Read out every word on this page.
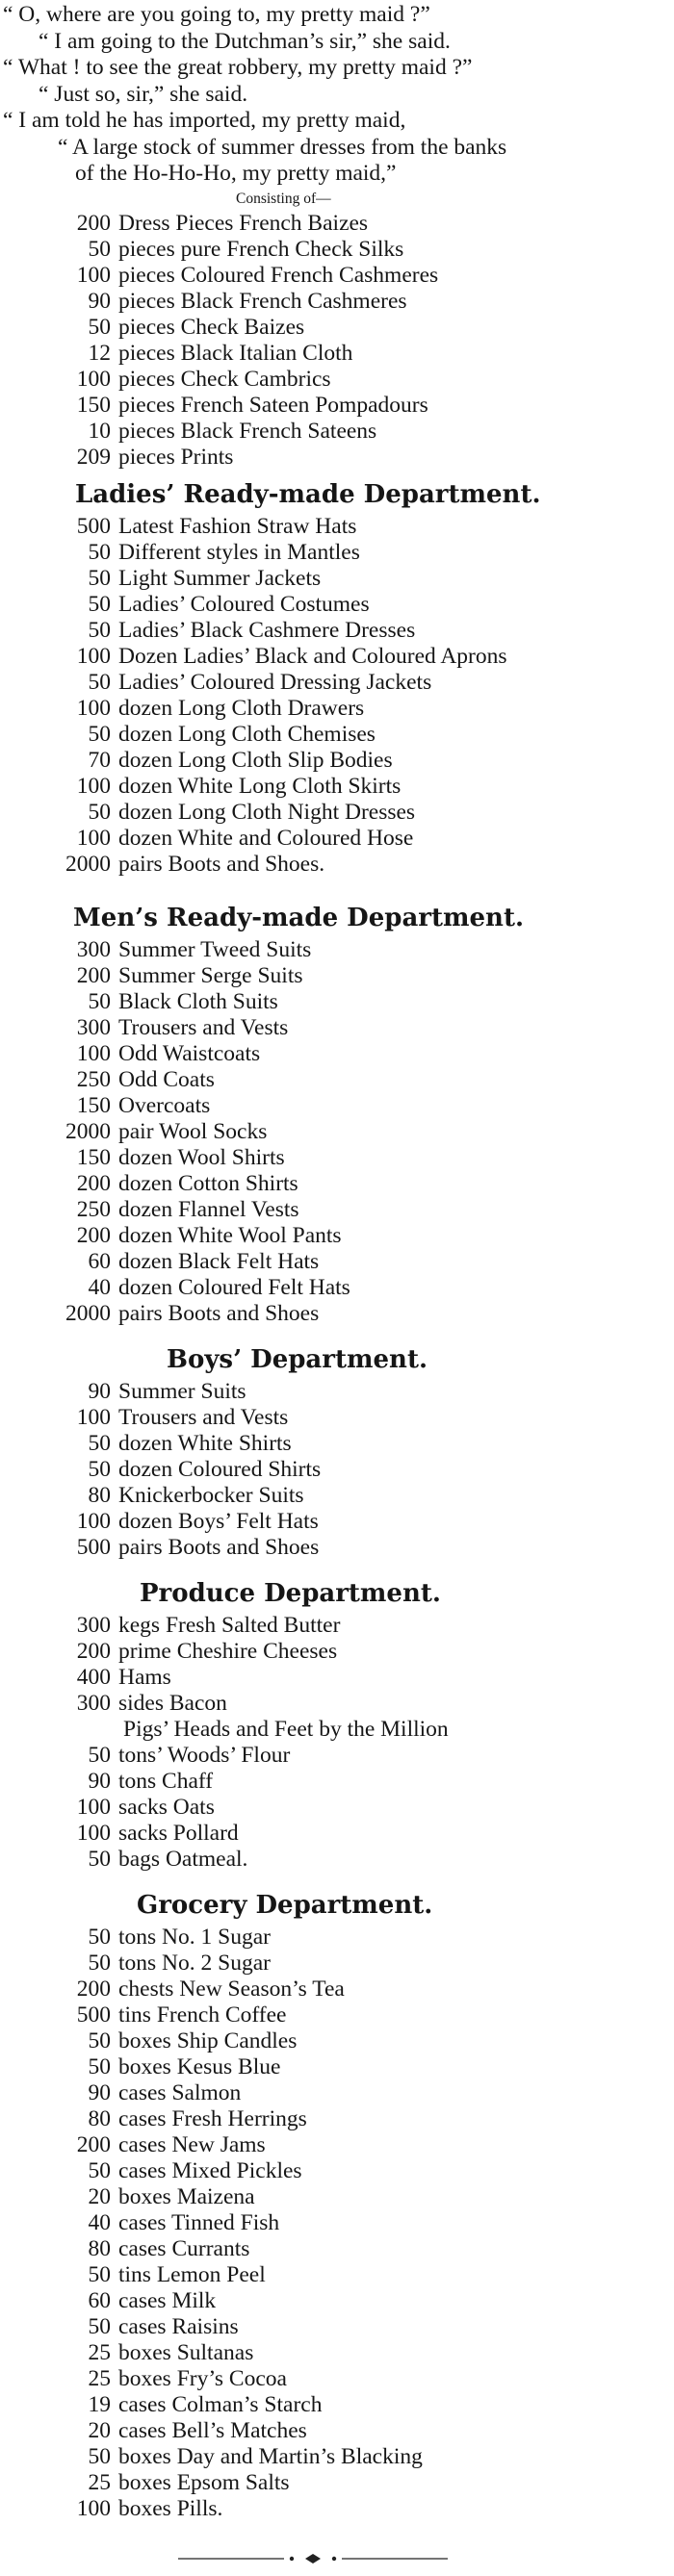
“ O, where are you going to, my pretty maid ?”
“ I am going to the Dutchman’s sir,” she said.
“ What ! to see the great robbery, my pretty maid ?”
“ Just so, sir,” she said.
“ I am told he has imported, my pretty maid,
“ A large stock of summer dresses from the banks
of the Ho-Ho-Ho, my pretty maid,”
Consisting of—
200 Dress Pieces French Baizes
50 pieces pure French Check Silks
100 pieces Coloured French Cashmeres
90 pieces Black French Cashmeres
50 pieces Check Baizes
12 pieces Black Italian Cloth
100 pieces Check Cambrics
150 pieces French Sateen Pompadours
10 pieces Black French Sateens
209 pieces Prints
Ladies’ Ready-made Department.
500 Latest Fashion Straw Hats
50 Different styles in Mantles
50 Light Summer Jackets
50 Ladies’ Coloured Costumes
50 Ladies’ Black Cashmere Dresses
100 Dozen Ladies’ Black and Coloured Aprons
50 Ladies’ Coloured Dressing Jackets
100 dozen Long Cloth Drawers
50 dozen Long Cloth Chemises
70 dozen Long Cloth Slip Bodies
100 dozen White Long Cloth Skirts
50 dozen Long Cloth Night Dresses
100 dozen White and Coloured Hose
2000 pairs Boots and Shoes.
Men’s Ready-made Department.
300 Summer Tweed Suits
200 Summer Serge Suits
50 Black Cloth Suits
300 Trousers and Vests
100 Odd Waistcoats
250 Odd Coats
150 Overcoats
2000 pair Wool Socks
150 dozen Wool Shirts
200 dozen Cotton Shirts
250 dozen Flannel Vests
200 dozen White Wool Pants
60 dozen Black Felt Hats
40 dozen Coloured Felt Hats
2000 pairs Boots and Shoes
Boys’ Department.
90 Summer Suits
100 Trousers and Vests
50 dozen White Shirts
50 dozen Coloured Shirts
80 Knickerbocker Suits
100 dozen Boys’ Felt Hats
500 pairs Boots and Shoes
Produce Department.
300 kegs Fresh Salted Butter
200 prime Cheshire Cheeses
400 Hams
300 sides Bacon
Pigs’ Heads and Feet by the Million
50 tons’ Woods’ Flour
90 tons Chaff
100 sacks Oats
100 sacks Pollard
50 bags Oatmeal.
Grocery Department.
50 tons No. 1 Sugar
50 tons No. 2 Sugar
200 chests New Season’s Tea
500 tins French Coffee
50 boxes Ship Candles
50 boxes Kesus Blue
90 cases Salmon
80 cases Fresh Herrings
200 cases New Jams
50 cases Mixed Pickles
20 boxes Maizena
40 cases Tinned Fish
80 cases Currants
50 tins Lemon Peel
60 cases Milk
50 cases Raisins
25 boxes Sultanas
25 boxes Fry’s Cocoa
19 cases Colman’s Starch
20 cases Bell’s Matches
50 boxes Day and Martin’s Blacking
25 boxes Epsom Salts
100 boxes Pills.
